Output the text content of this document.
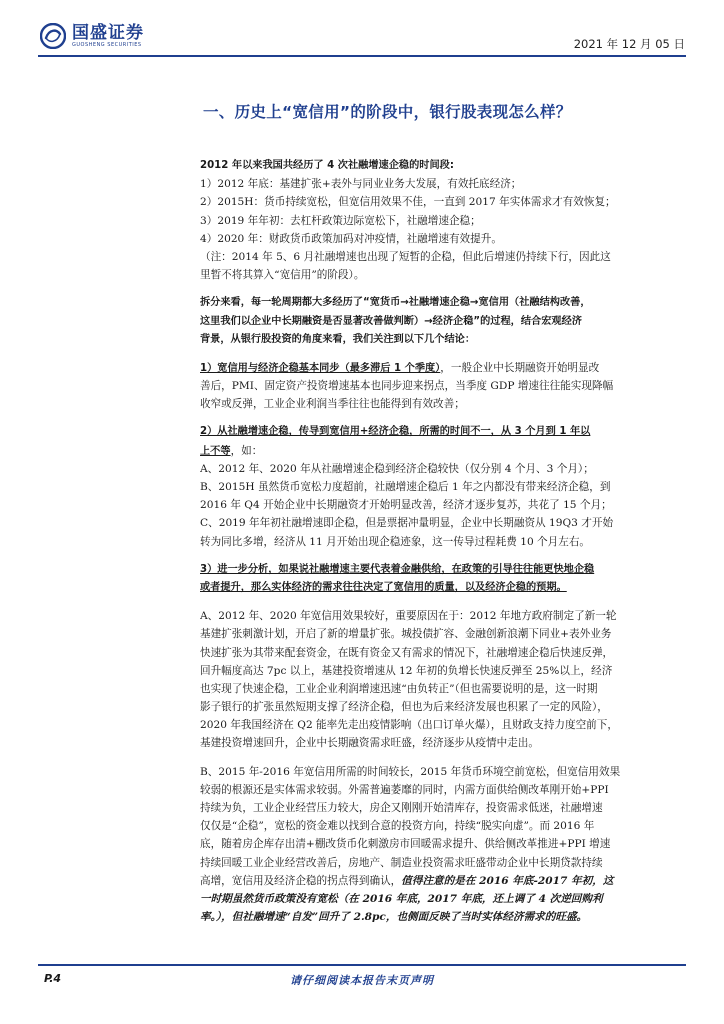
国盛证券
GUOSHENG SECURITIES	2021 年 12 月 05 日
一、历史上“宽信用”的阶段中，银行股表现怎么样？
2012 年以来我国共经历了 4 次社融增速企稳的时间段:
1）2012 年底：基建扩张+表外与同业业务大发展，有效托底经济；
2）2015H：货币持续宽松，但宽信用效果不佳，一直到 2017 年实体需求才有效恢复；
3）2019 年年初：去杠杆政策边际宽松下，社融增速企稳；
4）2020 年：财政货币政策加码对冲疫情，社融增速有效提升。
（注：2014 年 5、6 月社融增速也出现了短暂的企稳，但此后增速仍持续下行，因此这
里暂不将其算入“宽信用”的阶段）。
拆分来看，每一轮周期都大多经历了“宽货币→社融增速企稳→宽信用（社融结构改善，
这里我们以企业中长期融资是否显著改善做判断）→经济企稳”的过程，结合宏观经济
背景，从银行股投资的角度来看，我们关注到以下几个结论：
1）宽信用与经济企稳基本同步（最多滞后 1 个季度），一般企业中长期融资开始明显改
善后，PMI、固定资产投资增速基本也同步迎来拐点，当季度 GDP 增速往往能实现降幅
收窄或反弹，工业企业利润当季往往也能得到有效改善；
2）从社融增速企稳，传导到宽信用+经济企稳，所需的时间不一，从 3 个月到 1 年以
上不等，如：
A、2012 年、2020 年从社融增速企稳到经济企稳较快（仅分别 4 个月、3 个月）；
B、2015H 虽然货币宽松力度超前，社融增速企稳后 1 年之内都没有带来经济企稳，到
2016 年 Q4 开始企业中长期融资才开始明显改善，经济才逐步复苏，共花了 15 个月；
C、2019 年年初社融增速即企稳，但是票据冲量明显，企业中长期融资从 19Q3 才开始
转为同比多增，经济从 11 月开始出现企稳迹象，这一传导过程耗费 10 个月左右。
3）进一步分析，如果说社融增速主要代表着金融供给，在政策的引导往往能更快地企稳
或者提升，那么实体经济的需求往往决定了宽信用的质量，以及经济企稳的预期。
A、2012 年、2020 年宽信用效果较好，重要原因在于：2012 年地方政府制定了新一轮
基建扩张刺激计划，开启了新的增量扩张。城投债扩容、金融创新浪潮下同业+表外业务
快速扩张为其带来配套资金，在既有资金又有需求的情况下，社融增速企稳后快速反弹，
回升幅度高达 7pc 以上，基建投资增速从 12 年初的负增长快速反弹至 25%以上，经济
也实现了快速企稳，工业企业利润增速迅速“由负转正”（但也需要说明的是，这一时期
影子银行的扩张虽然短期支撑了经济企稳，但也为后来经济发展也积累了一定的风险），
2020 年我国经济在 Q2 能率先走出疫情影响（出口订单火爆），且财政支持力度空前下，
基建投资增速回升，企业中长期融资需求旺盛，经济逐步从疫情中走出。
B、2015 年-2016 年宽信用所需的时间较长，2015 年货币环境空前宽松，但宽信用效果
较弱的根源还是实体需求较弱。外需普遍萎靡的同时，内需方面供给侧改革刚开始+PPI
持续为负，工业企业经营压力较大，房企又刚刚开始清库存，投资需求低迷，社融增速
仅仅是“企稳”，宽松的资金难以找到合意的投资方向，持续“脱实向虚”。而 2016 年
底，随着房企库存出清+棚改货币化刺激房市回暖需求提升、供给侧改革推进+PPI 增速
持续回暖工业企业经营改善后，房地产、制造业投资需求旺盛带动企业中长期贷款持续
高增，宽信用及经济企稳的拐点得到确认，值得注意的是在 2016 年底-2017 年初，这
一时期虽然货币政策没有宽松（在 2016 年底，2017 年底，还上调了 4 次逆回购利
率。），但社融增速“自发”回升了 2.8pc，也侧面反映了当时实体经济需求的旺盛。
P.4	请仔细阅读本报告末页声明
